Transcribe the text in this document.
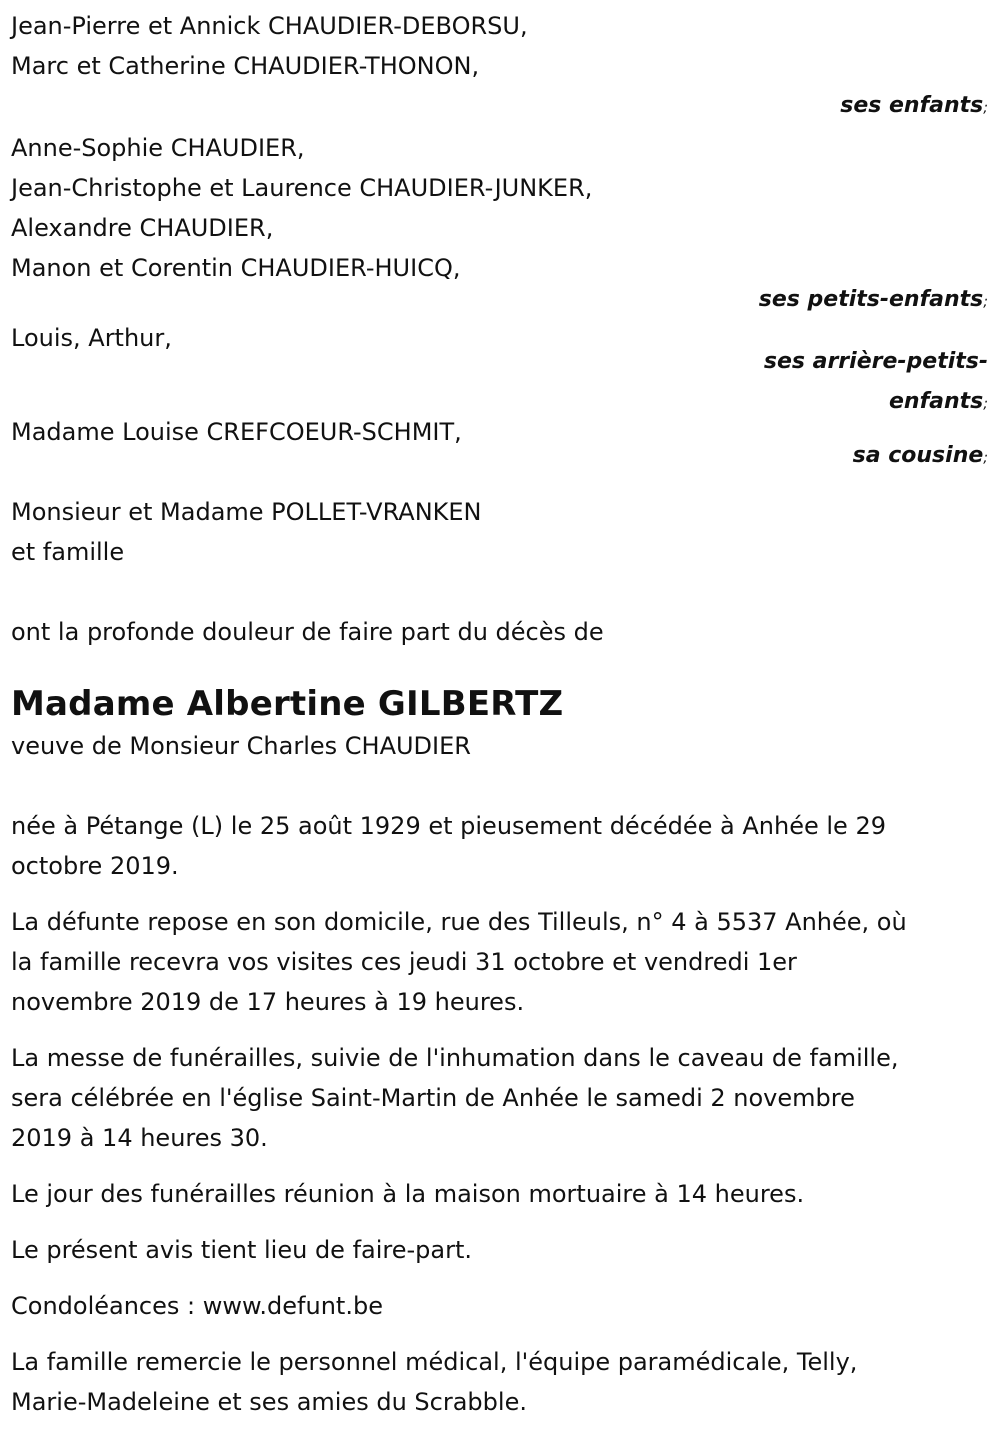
Jean-Pierre et Annick CHAUDIER-DEBORSU,
Marc et Catherine CHAUDIER-THONON,
ses enfants;
Anne-Sophie CHAUDIER,
Jean-Christophe et Laurence CHAUDIER-JUNKER,
Alexandre CHAUDIER,
Manon et Corentin CHAUDIER-HUICQ,
ses petits-enfants;
Louis, Arthur,
ses arrière-petits-
enfants;
Madame Louise CREFCOEUR-SCHMIT,
sa cousine;
Monsieur et Madame POLLET-VRANKEN
et famille
ont la profonde douleur de faire part du décès de
Madame Albertine GILBERTZ
veuve de Monsieur Charles CHAUDIER
née à Pétange (L) le 25 août 1929 et pieusement décédée à Anhée le 29
octobre 2019.
La défunte repose en son domicile, rue des Tilleuls, n° 4 à 5537 Anhée, où
la famille recevra vos visites ces jeudi 31 octobre et vendredi 1er
novembre 2019 de 17 heures à 19 heures.
La messe de funérailles, suivie de l'inhumation dans le caveau de famille,
sera célébrée en l'église Saint-Martin de Anhée le samedi 2 novembre
2019 à 14 heures 30.
Le jour des funérailles réunion à la maison mortuaire à 14 heures.
Le présent avis tient lieu de faire-part.
Condoléances : www.defunt.be
La famille remercie le personnel médical, l'équipe paramédicale, Telly,
Marie-Madeleine et ses amies du Scrabble.
